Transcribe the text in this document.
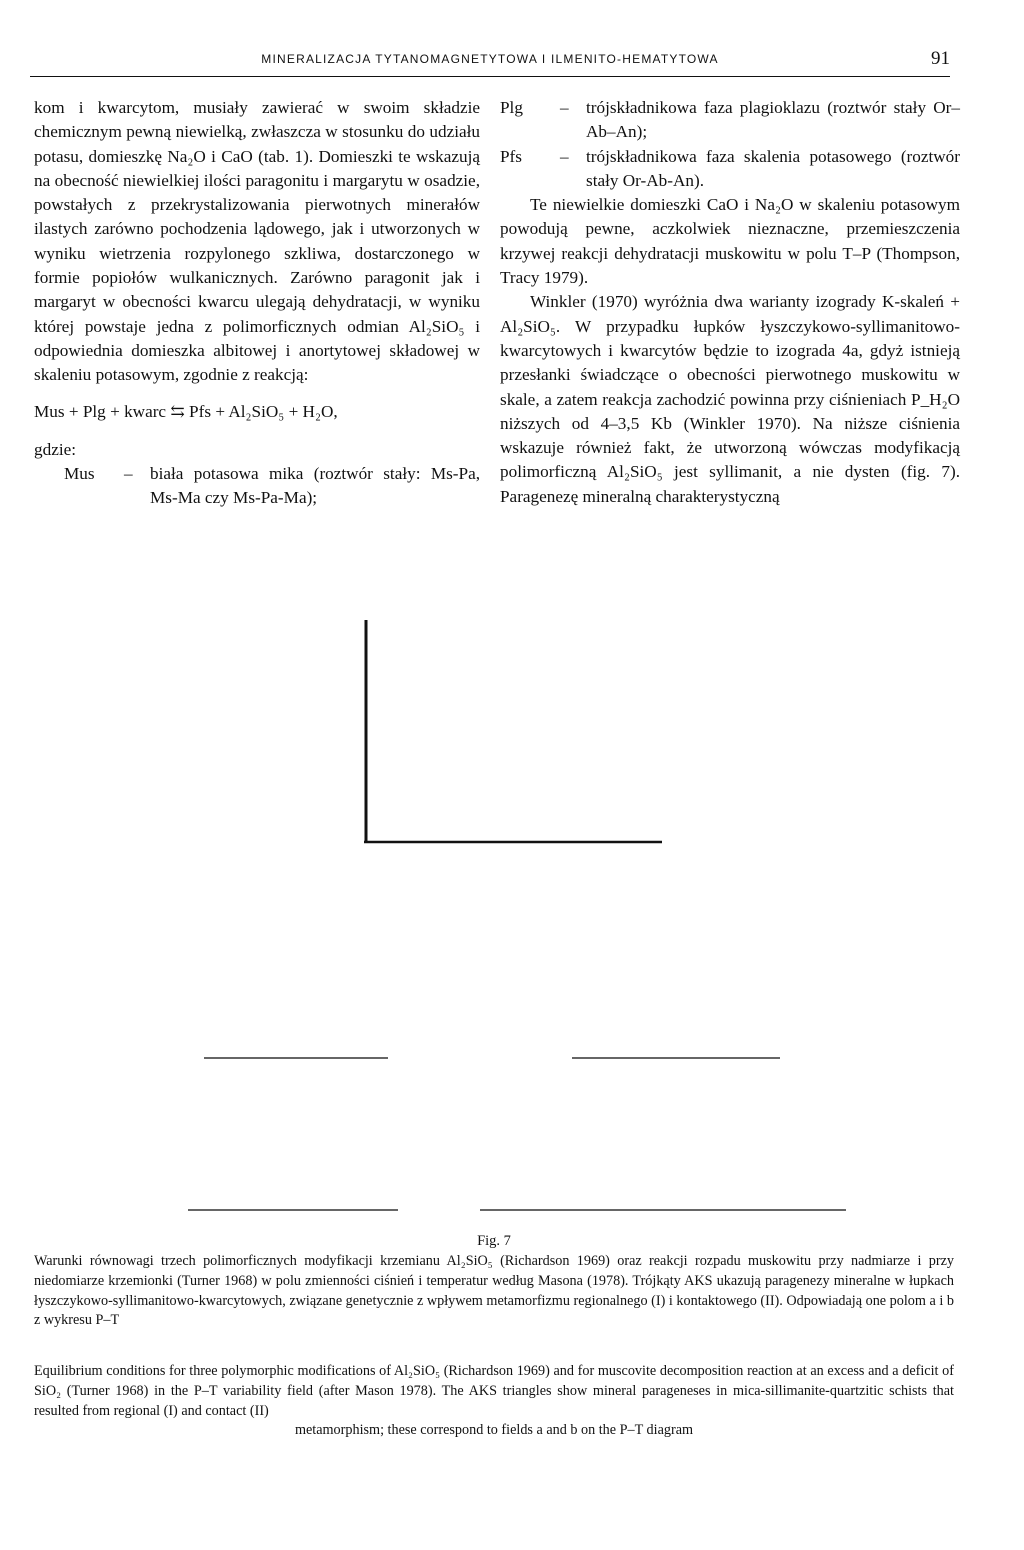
MINERALIZACJA TYTANOMAGNETYTOWA I ILMENITO-HEMATYTOWA	91

kom i kwarcytom, musiały zawierać w swoim składzie chemicznym pewną niewielką, zwłaszcza w stosunku do udziału potasu, domieszkę Na₂O i CaO (tab. 1). Domieszki te wskazują na obecność niewielkiej ilości paragonitu i margarytu w osadzie, powstałych z przekrystalizowania pierwotnych minerałów ilastych zarówno pochodzenia lądowego, jak i utworzonych w wyniku wietrzenia rozpylonego szkliwa, dostarczonego w formie popiołów wulkanicznych. Zarówno paragonit jak i margaryt w obecności kwarcu ulegają dehydratacji, w wyniku której powstaje jedna z polimorficznych odmian Al₂SiO₅ i odpowiednia domieszka albitowej i anortytowej składowej w skaleniu potasowym, zgodnie z reakcją:

Mus + Plg + kwarc ⇆ Pfs + Al₂SiO₅ + H₂O,

gdzie:

Mus	–	biała potasowa mika (roztwór stały: Ms-Pa, Ms-Ma czy Ms-Pa-Ma);
Plg	–	trójskładnikowa faza plagioklazu (roztwór stały Or–Ab–An);
Pfs	–	trójskładnikowa faza skalenia potasowego (roztwór stały Or-Ab-An).

Te niewielkie domieszki CaO i Na₂O w skaleniu potasowym powodują pewne, aczkolwiek nieznaczne, przemieszczenia krzywej reakcji dehydratacji muskowitu w polu T–P (Thompson, Tracy 1979).

Winkler (1970) wyróżnia dwa warianty izogrady K-skaleń + Al₂SiO₅. W przypadku łupków łyszczykowo-syllimanitowo-kwarcytowych i kwarcytów będzie to izograda 4a, gdyż istnieją przesłanki świadczące o obecności pierwotnego muskowitu w skale, a zatem reakcja zachodzić powinna przy ciśnieniach P_H₂O niższych od 4–3,5 Kb (Winkler 1970). Na niższe ciśnienia wskazuje również fakt, że utworzoną wówczas modyfikacją polimorficzną Al₂SiO₅ jest syllimanit, a nie dysten (fig. 7). Paragenezę mineralną charakterystyczną

Fig. 7
Warunki równowagi trzech polimorficznych modyfikacji krzemianu Al₂SiO₅ (Richardson 1969) oraz reakcji rozpadu muskowitu przy nadmiarze i przy niedomiarze krzemionki (Turner 1968) w polu zmienności ciśnień i temperatur według Masona (1978). Trójkąty AKS ukazują paragenezy mineralne w łupkach łyszczykowo-syllimanitowo-kwarcytowych, związane genetycznie z wpływem metamorfizmu regionalnego (I) i kontaktowego (II). Odpowiadają one polom a i b z wykresu P–T
Equilibrium conditions for three polymorphic modifications of Al₂SiO₅ (Richardson 1969) and for muscovite decomposition reaction at an excess and a deficit of SiO₂ (Turner 1968) in the P–T variability field (after Mason 1978). The AKS triangles show mineral parageneses in mica-sillimanite-quartzitic schists that resulted from regional (I) and contact (II)
metamorphism; these correspond to fields a and b on the P–T diagram
